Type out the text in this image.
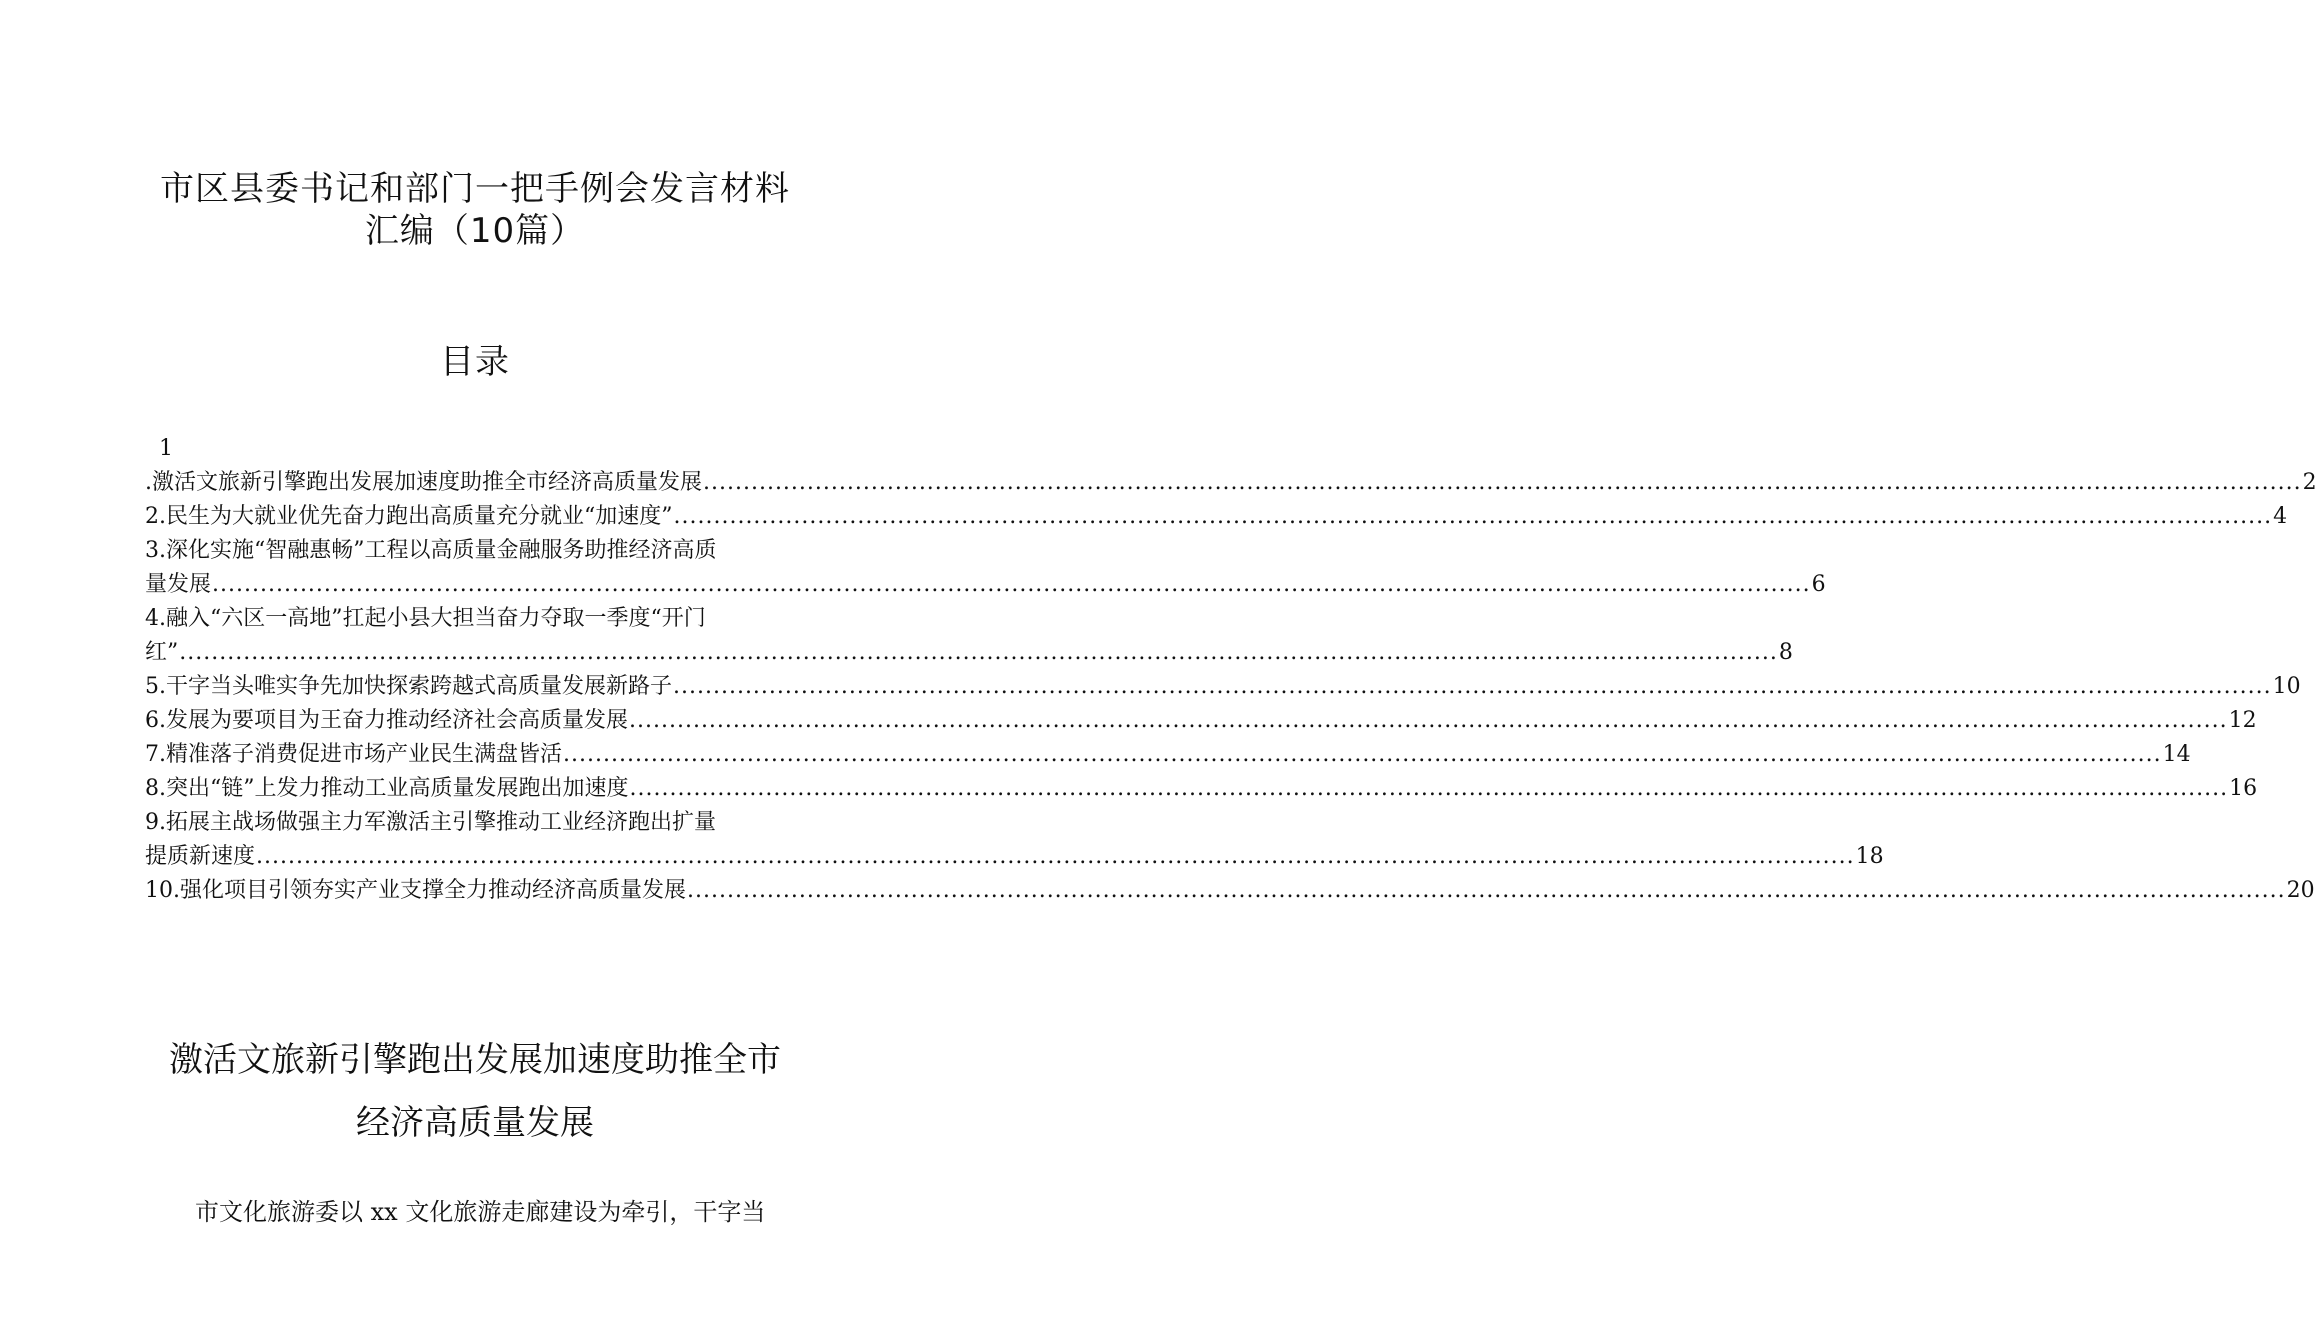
市区县委书记和部门一把手例会发言材料
汇编（10篇）
目录
1
.激活文旅新引擎跑出发展加速度助推全市经济高质量发展 ........................................................................................................................................................................................................ 2
2.民生为大就业优先奋力跑出高质量充分就业“加速度” ........................................................................................................................................................................................................ 4
3.深化实施“智融惠畅”工程以高质量金融服务助推经济高质
量发展 ........................................................................................................................................................................................................ 6
4.融入“六区一高地”扛起小县大担当奋力夺取一季度“开门
红” ........................................................................................................................................................................................................ 8
5.干字当头唯实争先加快探索跨越式高质量发展新路子 ........................................................................................................................................................................................................ 10
6.发展为要项目为王奋力推动经济社会高质量发展 ........................................................................................................................................................................................................ 12
7.精准落子消费促进市场产业民生满盘皆活 ........................................................................................................................................................................................................ 14
8.突出“链”上发力推动工业高质量发展跑出加速度 ........................................................................................................................................................................................................ 16
9.拓展主战场做强主力军激活主引擎推动工业经济跑出扩量
提质新速度 ........................................................................................................................................................................................................ 18
10.强化项目引领夯实产业支撑全力推动经济高质量发展 ........................................................................................................................................................................................................ 20
激活文旅新引擎跑出发展加速度助推全市
经济高质量发展
市文化旅游委以 xx 文化旅游走廊建设为牵引，干字当
